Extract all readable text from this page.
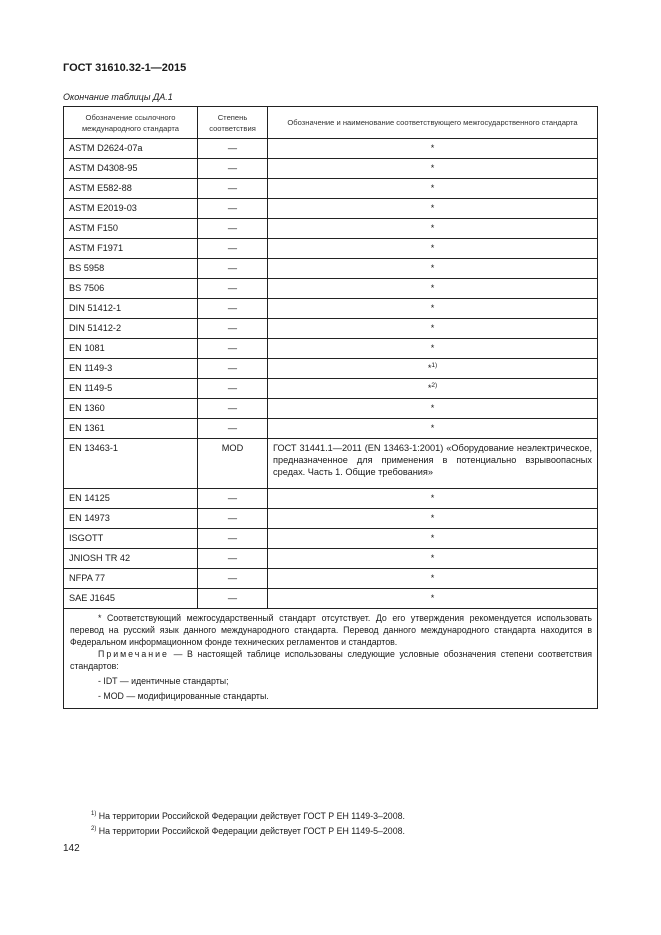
ГОСТ 31610.32-1—2015
Окончание таблицы ДА.1
Обозначение ссылочного международного стандарта	Степень соответствия	Обозначение и наименование соответствующего межгосударственного стандарта
ASTM D2624-07a	—	*
ASTM D4308-95	—	*
ASTM E582-88	—	*
ASTM E2019-03	—	*
ASTM F150	—	*
ASTM F1971	—	*
BS 5958	—	*
BS 7506	—	*
DIN 51412-1	—	*
DIN 51412-2	—	*
EN 1081	—	*
EN 1149-3	—	*$^{1)}$
EN 1149-5	—	*$^{2)}$
EN 1360	—	*
EN 1361	—	*
EN 13463-1	MOD	ГОСТ 31441.1—2011 (EN 13463-1:2001) «Оборудование неэлектрическое, предназначенное для применения в потенциально взрывоопасных средах. Часть 1. Общие требования»
EN 14125	—	*
EN 14973	—	*
ISGOTT	—	*
JNIOSH TR 42	—	*
NFPA 77	—	*
SAE J1645	—	*

* Соответствующий межгосударственный стандарт отсутствует. До его утверждения рекомендуется использовать перевод на русский язык данного международного стандарта. Перевод данного международного стандарта находится в Федеральном информационном фонде технических регламентов и стандартов.

Примечание — В настоящей таблице использованы следующие условные обозначения степени соответствия стандартов:

- IDT — идентичные стандарты;

- MOD — модифицированные стандарты.		

$^{1)}$ На территории Российской Федерации действует ГОСТ Р ЕН 1149-3–2008.
$^{2)}$ На территории Российской Федерации действует ГОСТ Р ЕН 1149-5–2008.
142
